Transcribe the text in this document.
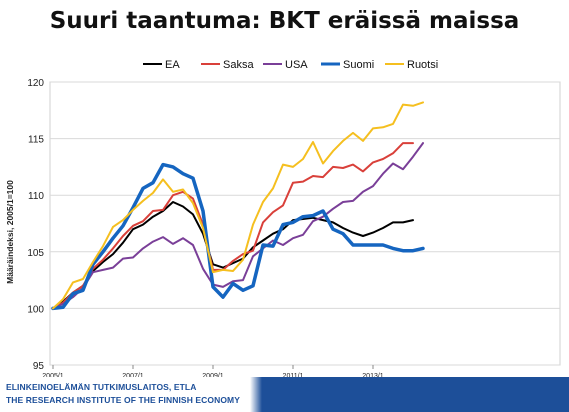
Suuri taantuma: BKT eräissä maissa
95
100
105
110
115
120
Määräindeksi, 2005/1=100
EA	Saksa	USA	Suomi	Ruotsi
ELINKEINOELÄMÄN TUTKIMUSLAITOS, ETLA
THE RESEARCH INSTITUTE OF THE FINNISH ECONOMY
